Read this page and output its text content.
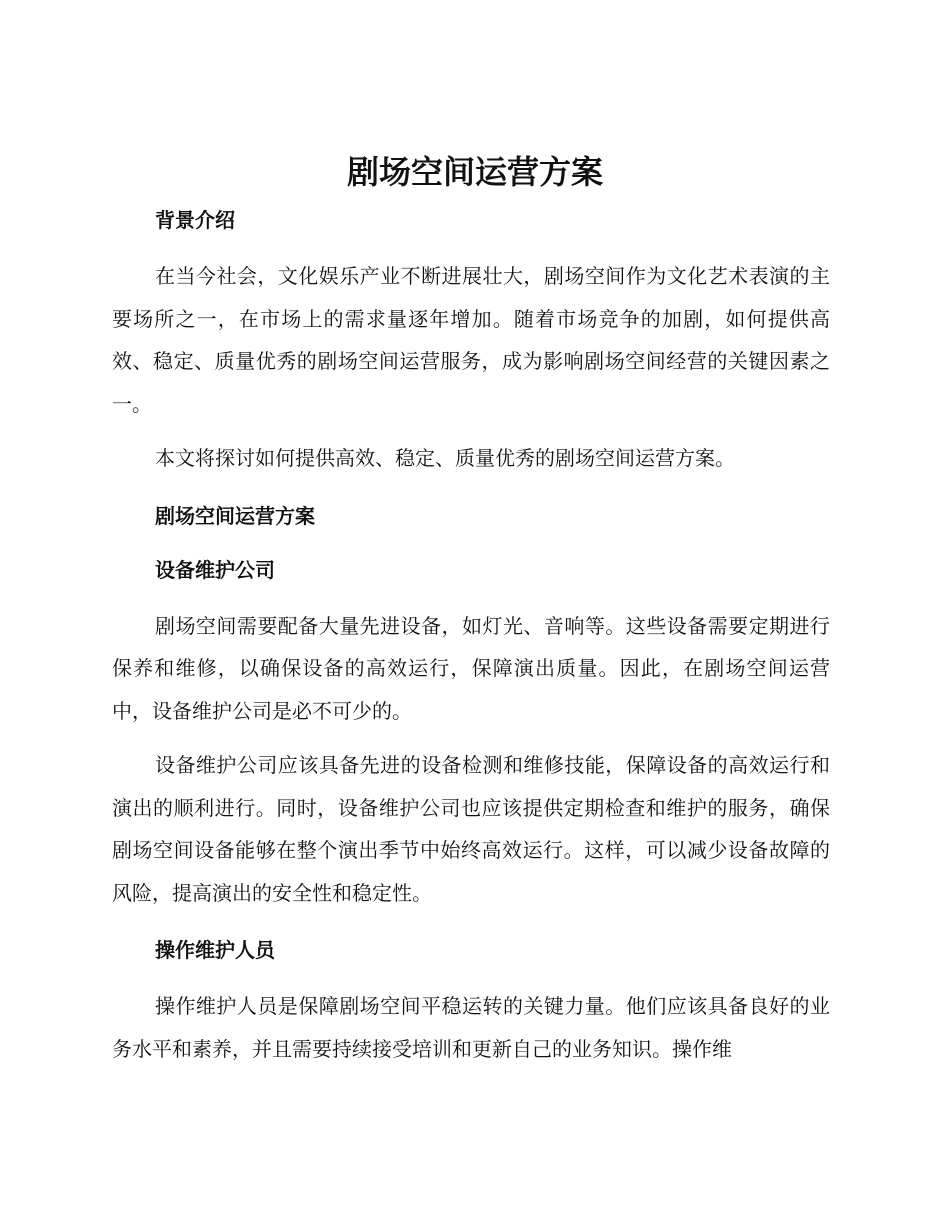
剧场空间运营方案
背景介绍

在当今社会，文化娱乐产业不断进展壮大，剧场空间作为文化艺术表演的主要场所之一，在市场上的需求量逐年增加。随着市场竞争的加剧，如何提供高效、稳定、质量优秀的剧场空间运营服务，成为影响剧场空间经营的关键因素之一。

本文将探讨如何提供高效、稳定、质量优秀的剧场空间运营方案。

剧场空间运营方案
设备维护公司

剧场空间需要配备大量先进设备，如灯光、音响等。这些设备需要定期进行保养和维修，以确保设备的高效运行，保障演出质量。因此，在剧场空间运营中，设备维护公司是必不可少的。

设备维护公司应该具备先进的设备检测和维修技能，保障设备的高效运行和演出的顺利进行。同时，设备维护公司也应该提供定期检查和维护的服务，确保剧场空间设备能够在整个演出季节中始终高效运行。这样，可以减少设备故障的风险，提高演出的安全性和稳定性。

操作维护人员

操作维护人员是保障剧场空间平稳运转的关键力量。他们应该具备良好的业务水平和素养，并且需要持续接受培训和更新自己的业务知识。操作维
